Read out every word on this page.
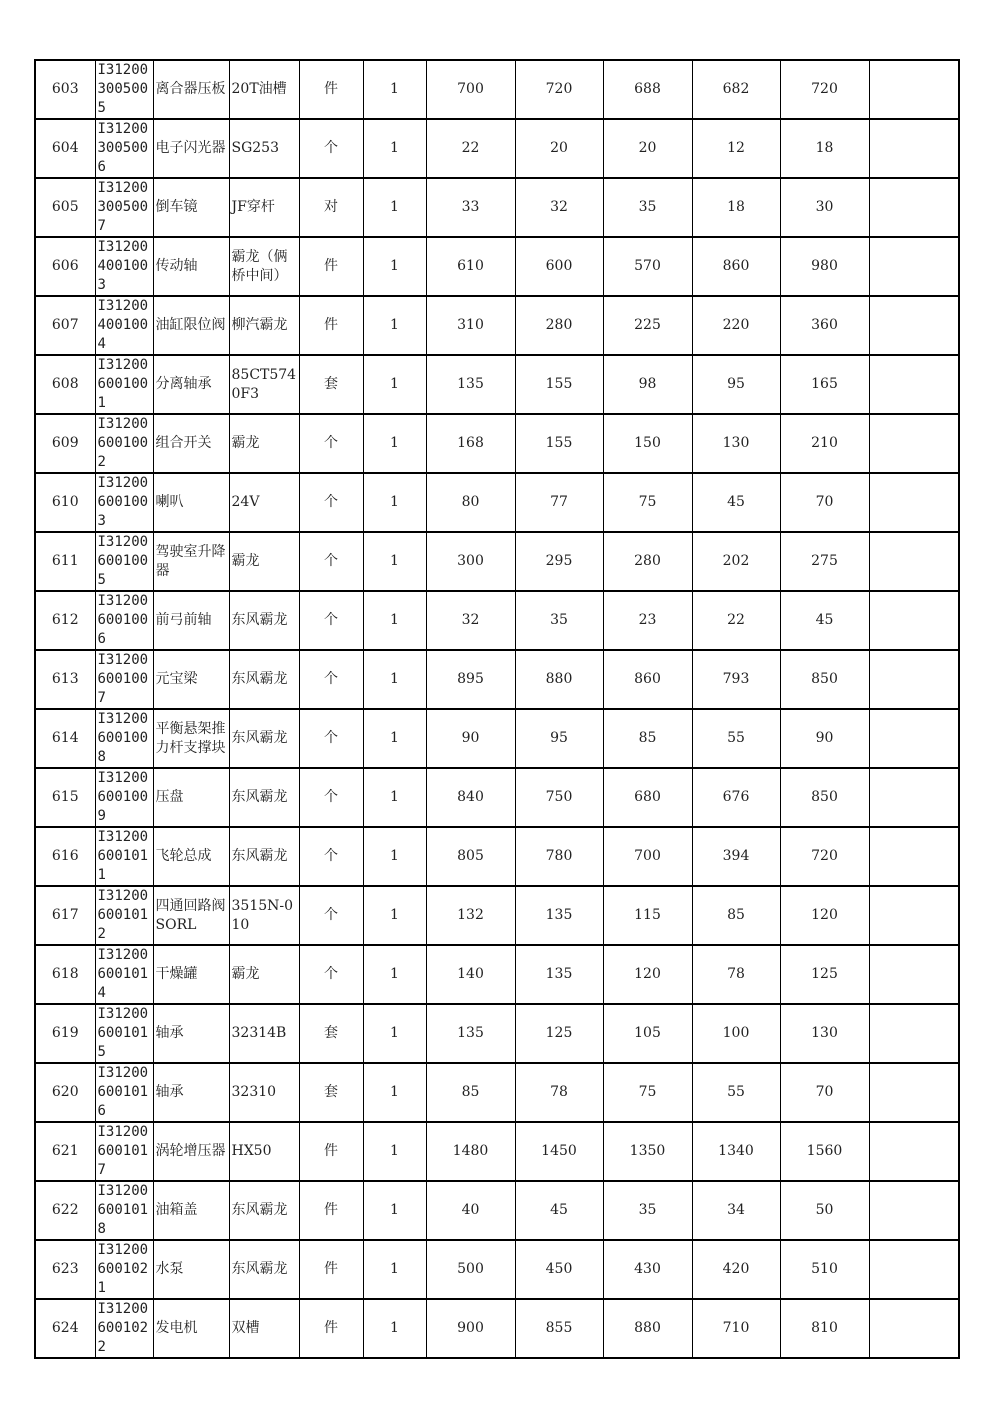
603	I312003005005	离合器压板	20T油槽	件	1	700	720	688	682	720	
604	I312003005006	电子闪光器	SG253	个	1	22	20	20	12	18	
605	I312003005007	倒车镜	JF穿杆	对	1	33	32	35	18	30	
606	I312004001003	传动轴	霸龙（俩桥中间）	件	1	610	600	570	860	980	
607	I312004001004	油缸限位阀	柳汽霸龙	件	1	310	280	225	220	360	
608	I312006001001	分离轴承	85CT5740F3	套	1	135	155	98	95	165	
609	I312006001002	组合开关	霸龙	个	1	168	155	150	130	210	
610	I312006001003	喇叭	24V	个	1	80	77	75	45	70	
611	I312006001005	驾驶室升降器	霸龙	个	1	300	295	280	202	275	
612	I312006001006	前弓前轴	东风霸龙	个	1	32	35	23	22	45	
613	I312006001007	元宝梁	东风霸龙	个	1	895	880	860	793	850	
614	I312006001008	平衡悬架推力杆支撑块	东风霸龙	个	1	90	95	85	55	90	
615	I312006001009	压盘	东风霸龙	个	1	840	750	680	676	850	
616	I312006001011	飞轮总成	东风霸龙	个	1	805	780	700	394	720	
617	I312006001012	四通回路阀SORL	3515N-010	个	1	132	135	115	85	120	
618	I312006001014	干燥罐	霸龙	个	1	140	135	120	78	125	
619	I312006001015	轴承	32314B	套	1	135	125	105	100	130	
620	I312006001016	轴承	32310	套	1	85	78	75	55	70	
621	I312006001017	涡轮增压器	HX50	件	1	1480	1450	1350	1340	1560	
622	I312006001018	油箱盖	东风霸龙	件	1	40	45	35	34	50	
623	I312006001021	水泵	东风霸龙	件	1	500	450	430	420	510	
624	I312006001022	发电机	双槽	件	1	900	855	880	710	810	
